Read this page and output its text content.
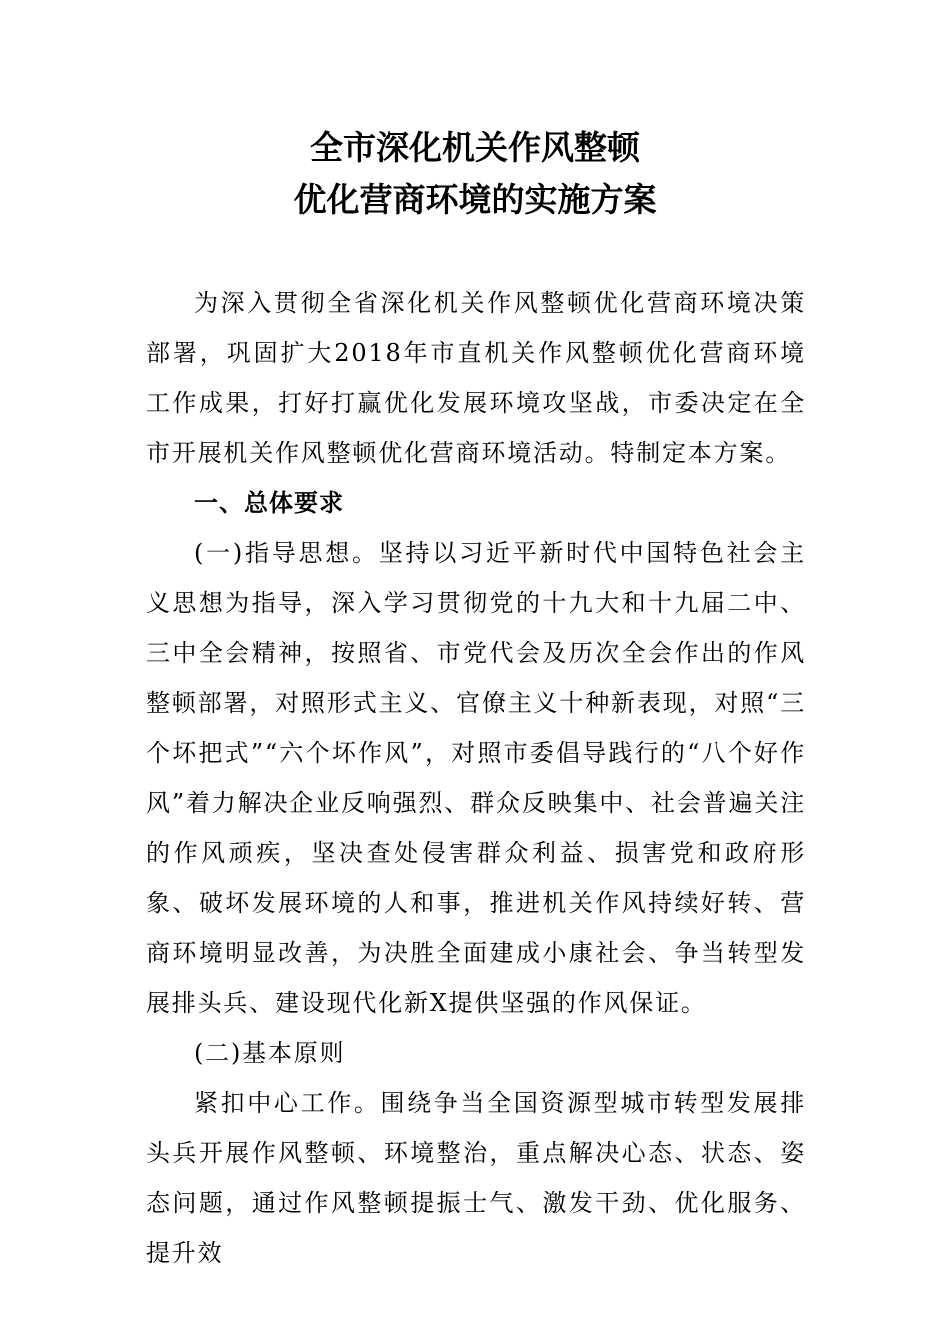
全市深化机关作风整顿
优化营商环境的实施方案

为深入贯彻全省深化机关作风整顿优化营商环境决策部署，巩固扩大2018年市直机关作风整顿优化营商环境工作成果，打好打赢优化发展环境攻坚战，市委决定在全市开展机关作风整顿优化营商环境活动。特制定本方案。

一、总体要求

(一)指导思想。坚持以习近平新时代中国特色社会主义思想为指导，深入学习贯彻党的十九大和十九届二中、三中全会精神，按照省、市党代会及历次全会作出的作风整顿部署，对照形式主义、官僚主义十种新表现，对照“三个坏把式”“六个坏作风”，对照市委倡导践行的“八个好作风”着力解决企业反响强烈、群众反映集中、社会普遍关注的作风顽疾，坚决查处侵害群众利益、损害党和政府形象、破坏发展环境的人和事，推进机关作风持续好转、营商环境明显改善，为决胜全面建成小康社会、争当转型发展排头兵、建设现代化新X提供坚强的作风保证。

(二)基本原则

紧扣中心工作。围绕争当全国资源型城市转型发展排头兵开展作风整顿、环境整治，重点解决心态、状态、姿态问题，通过作风整顿提振士气、激发干劲、优化服务、提升效
